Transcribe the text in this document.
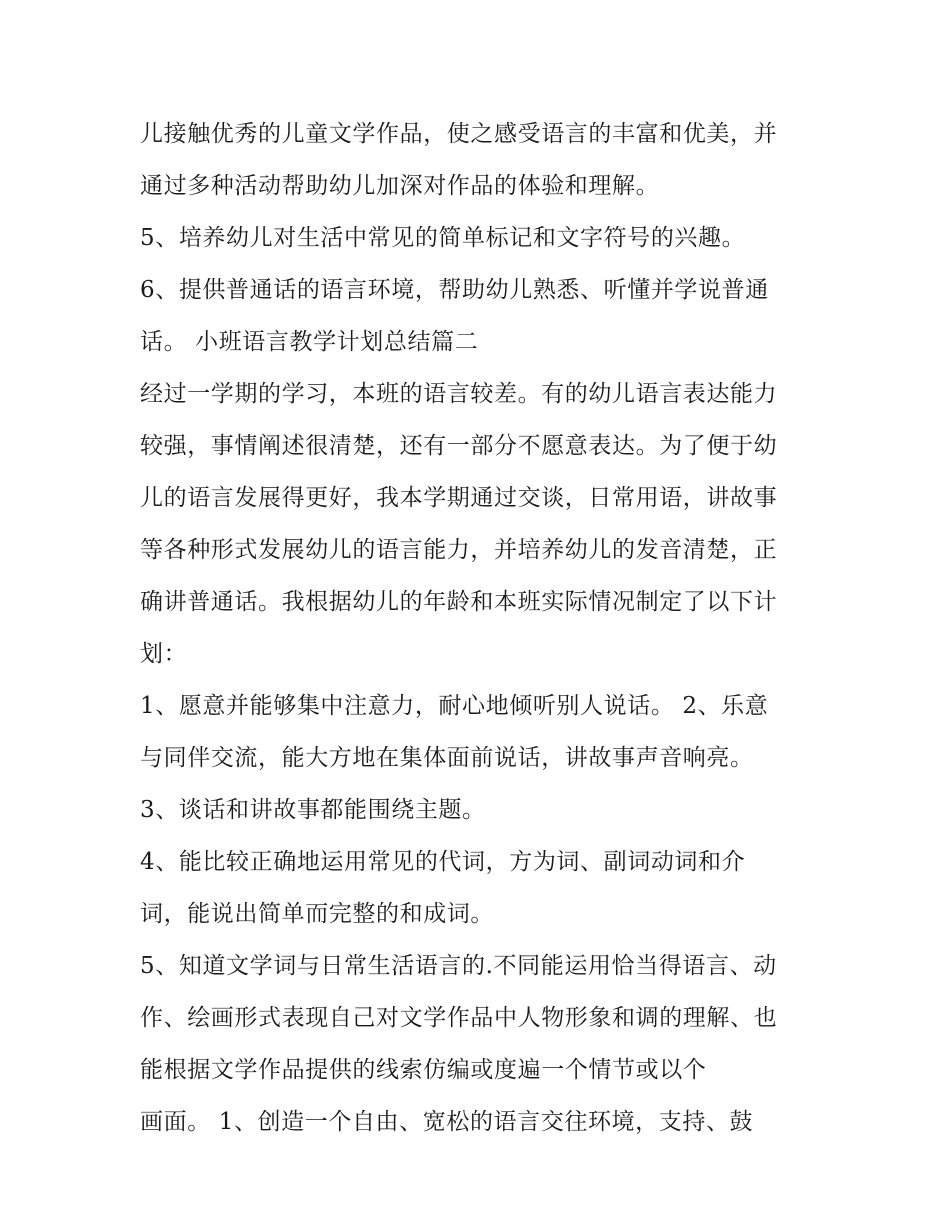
儿接触优秀的儿童文学作品，使之感受语言的丰富和优美，并
通过多种活动帮助幼儿加深对作品的体验和理解。
5、培养幼儿对生活中常见的简单标记和文字符号的兴趣。
6、提供普通话的语言环境，帮助幼儿熟悉、听懂并学说普通
话。 小班语言教学计划总结篇二
经过一学期的学习，本班的语言较差。有的幼儿语言表达能力
较强，事情阐述很清楚，还有一部分不愿意表达。为了便于幼
儿的语言发展得更好，我本学期通过交谈，日常用语，讲故事
等各种形式发展幼儿的语言能力，并培养幼儿的发音清楚，正
确讲普通话。我根据幼儿的年龄和本班实际情况制定了以下计
划：
1、愿意并能够集中注意力，耐心地倾听别人说话。 2、乐意
与同伴交流，能大方地在集体面前说话，讲故事声音响亮。
3、谈话和讲故事都能围绕主题。
4、能比较正确地运用常见的代词，方为词、副词动词和介
词，能说出简单而完整的和成词。
5、知道文学词与日常生活语言的.不同能运用恰当得语言、动
作、绘画形式表现自己对文学作品中人物形象和调的理解、也
能根据文学作品提供的线索仿编或度遍一个情节或以个
画面。 1、创造一个自由、宽松的语言交往环境，支持、鼓
